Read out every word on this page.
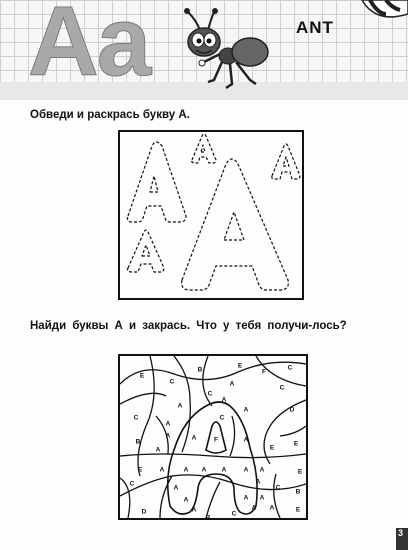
Aa	ANT
Обведи и раскрась букву А.
Найди буквы А и закрась. Что у тебя получи-лось?
E
C
B
E
F
C
C
C
A
A
C
A
A	D
A
C
B
A	A	F	A
E
A	E
E	A	A A A	A A	E
C
A
A
C
D
A	A A
B
A
B
C
A A	E
3
